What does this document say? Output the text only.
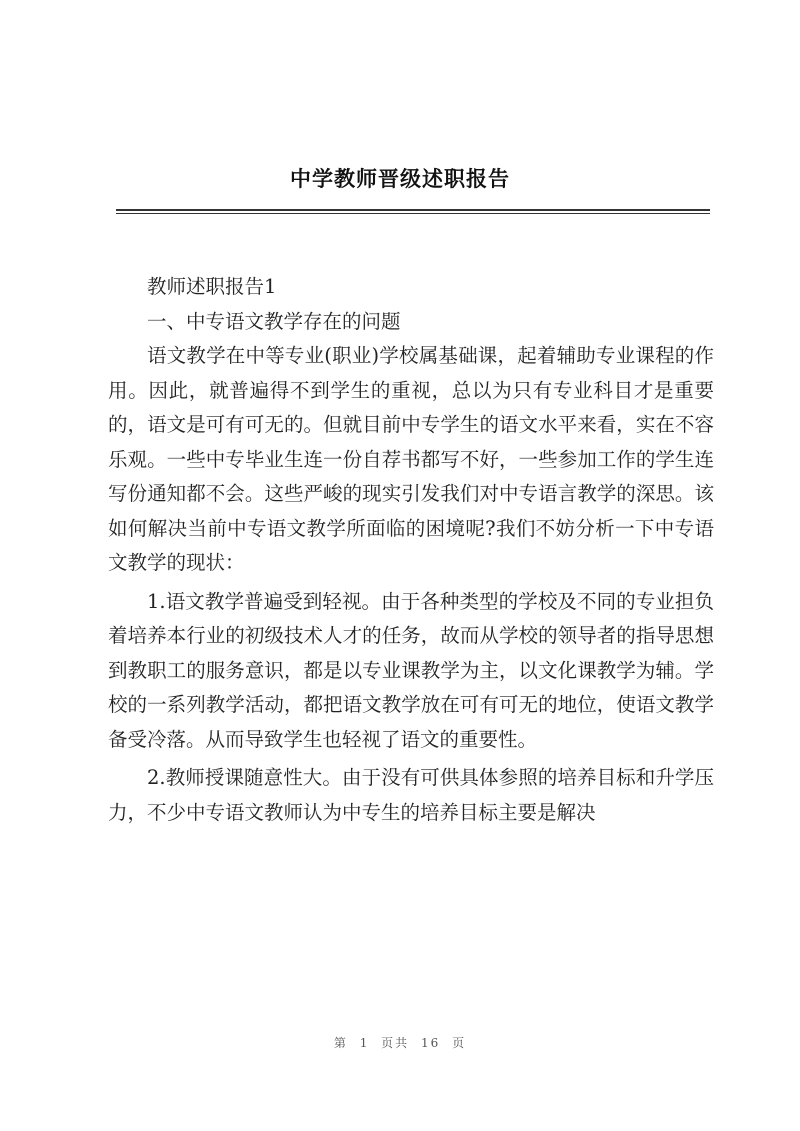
中学教师晋级述职报告

教师述职报告1

一、中专语文教学存在的问题

语文教学在中等专业(职业)学校属基础课，起着辅助专业课程的作用。因此，就普遍得不到学生的重视，总以为只有专业科目才是重要的，语文是可有可无的。但就目前中专学生的语文水平来看，实在不容乐观。一些中专毕业生连一份自荐书都写不好，一些参加工作的学生连写份通知都不会。这些严峻的现实引发我们对中专语言教学的深思。该如何解决当前中专语文教学所面临的困境呢?我们不妨分析一下中专语文教学的现状：

1.语文教学普遍受到轻视。由于各种类型的学校及不同的专业担负着培养本行业的初级技术人才的任务，故而从学校的领导者的指导思想到教职工的服务意识，都是以专业课教学为主，以文化课教学为辅。学校的一系列教学活动，都把语文教学放在可有可无的地位，使语文教学备受冷落。从而导致学生也轻视了语文的重要性。

2.教师授课随意性大。由于没有可供具体参照的培养目标和升学压力，不少中专语文教师认为中专生的培养目标主要是解决

第 1 页共 16 页
